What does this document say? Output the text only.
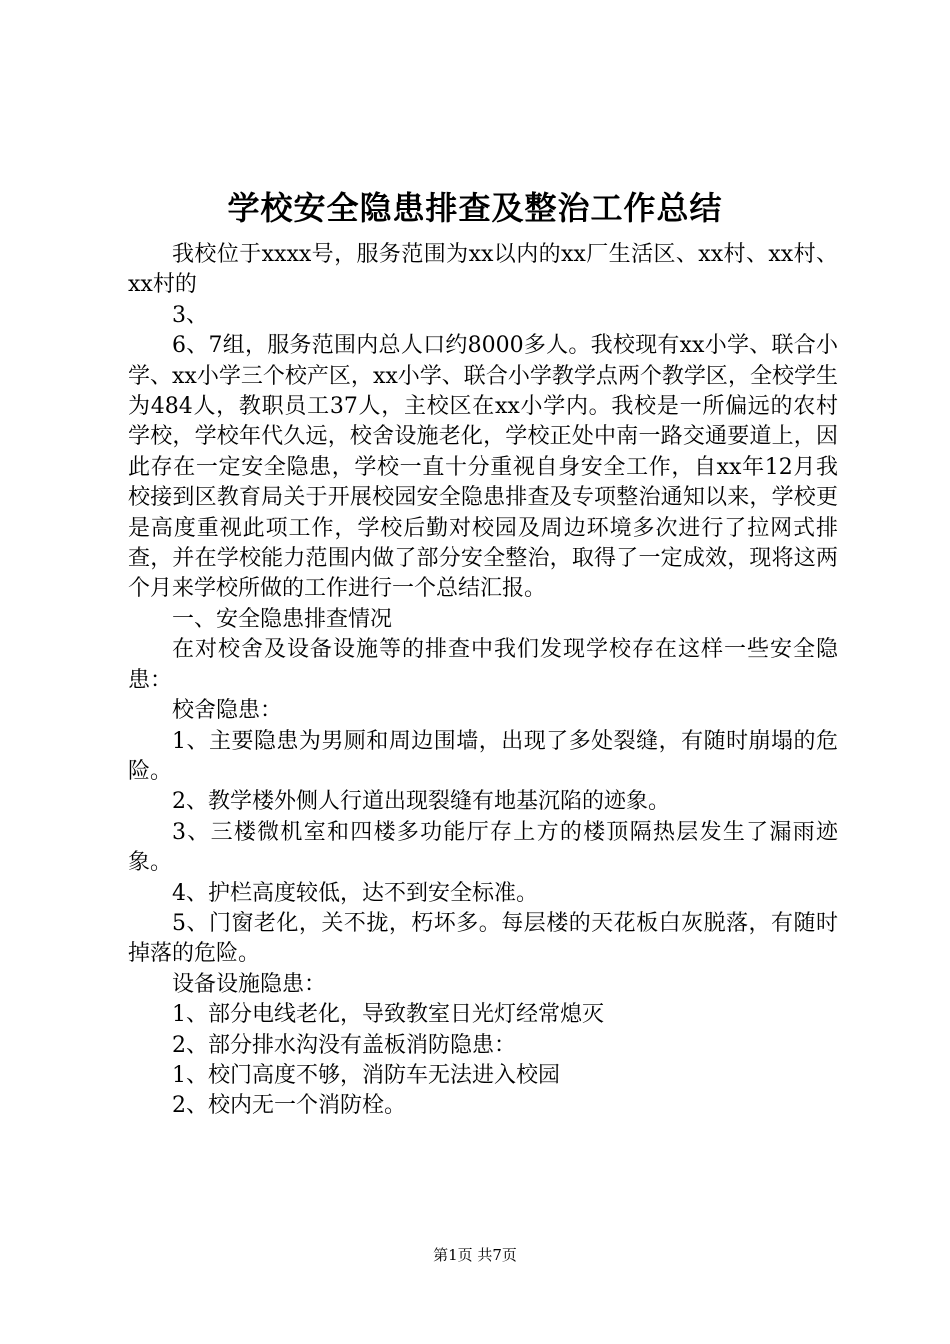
学校安全隐患排查及整治工作总结

我校位于xxxx号，服务范围为xx以内的xx厂生活区、xx村、xx村、xx村的

3、

6、7组，服务范围内总人口约8000多人。我校现有xx小学、联合小学、xx小学三个校产区，xx小学、联合小学教学点两个教学区，全校学生为484人，教职员工37人，主校区在xx小学内。我校是一所偏远的农村学校，学校年代久远，校舍设施老化，学校正处中南一路交通要道上，因此存在一定安全隐患，学校一直十分重视自身安全工作，自xx年12月我校接到区教育局关于开展校园安全隐患排查及专项整治通知以来，学校更是高度重视此项工作，学校后勤对校园及周边环境多次进行了拉网式排查，并在学校能力范围内做了部分安全整治，取得了一定成效，现将这两个月来学校所做的工作进行一个总结汇报。

一、安全隐患排查情况

在对校舍及设备设施等的排查中我们发现学校存在这样一些安全隐患：

校舍隐患：

1、主要隐患为男厕和周边围墙，出现了多处裂缝，有随时崩塌的危险。

2、教学楼外侧人行道出现裂缝有地基沉陷的迹象。

3、三楼微机室和四楼多功能厅存上方的楼顶隔热层发生了漏雨迹象。

4、护栏高度较低，达不到安全标准。

5、门窗老化，关不拢，朽坏多。每层楼的天花板白灰脱落，有随时掉落的危险。

设备设施隐患：

1、部分电线老化，导致教室日光灯经常熄灭

2、部分排水沟没有盖板消防隐患：

1、校门高度不够，消防车无法进入校园

2、校内无一个消防栓。

第1页 共7页
